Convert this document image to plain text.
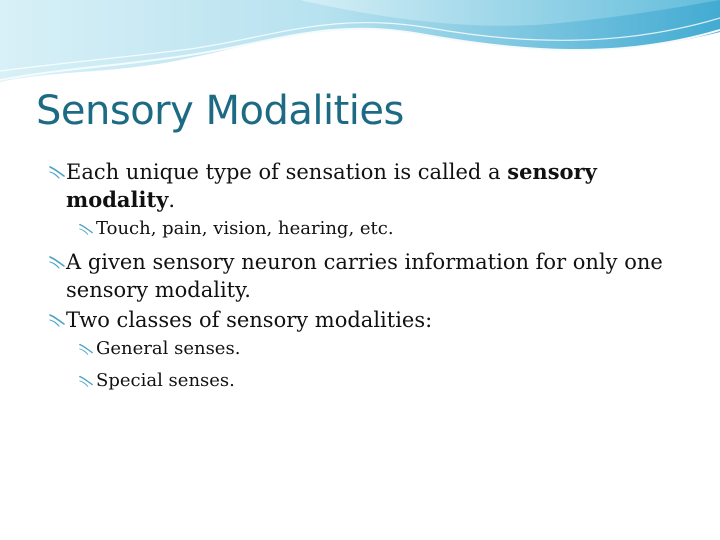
Sensory Modalities
Each unique type of sensation is called a sensory modality.
Touch, pain, vision, hearing, etc.
A given sensory neuron carries information for only one sensory modality.
Two classes of sensory modalities:
General senses.
Special senses.
